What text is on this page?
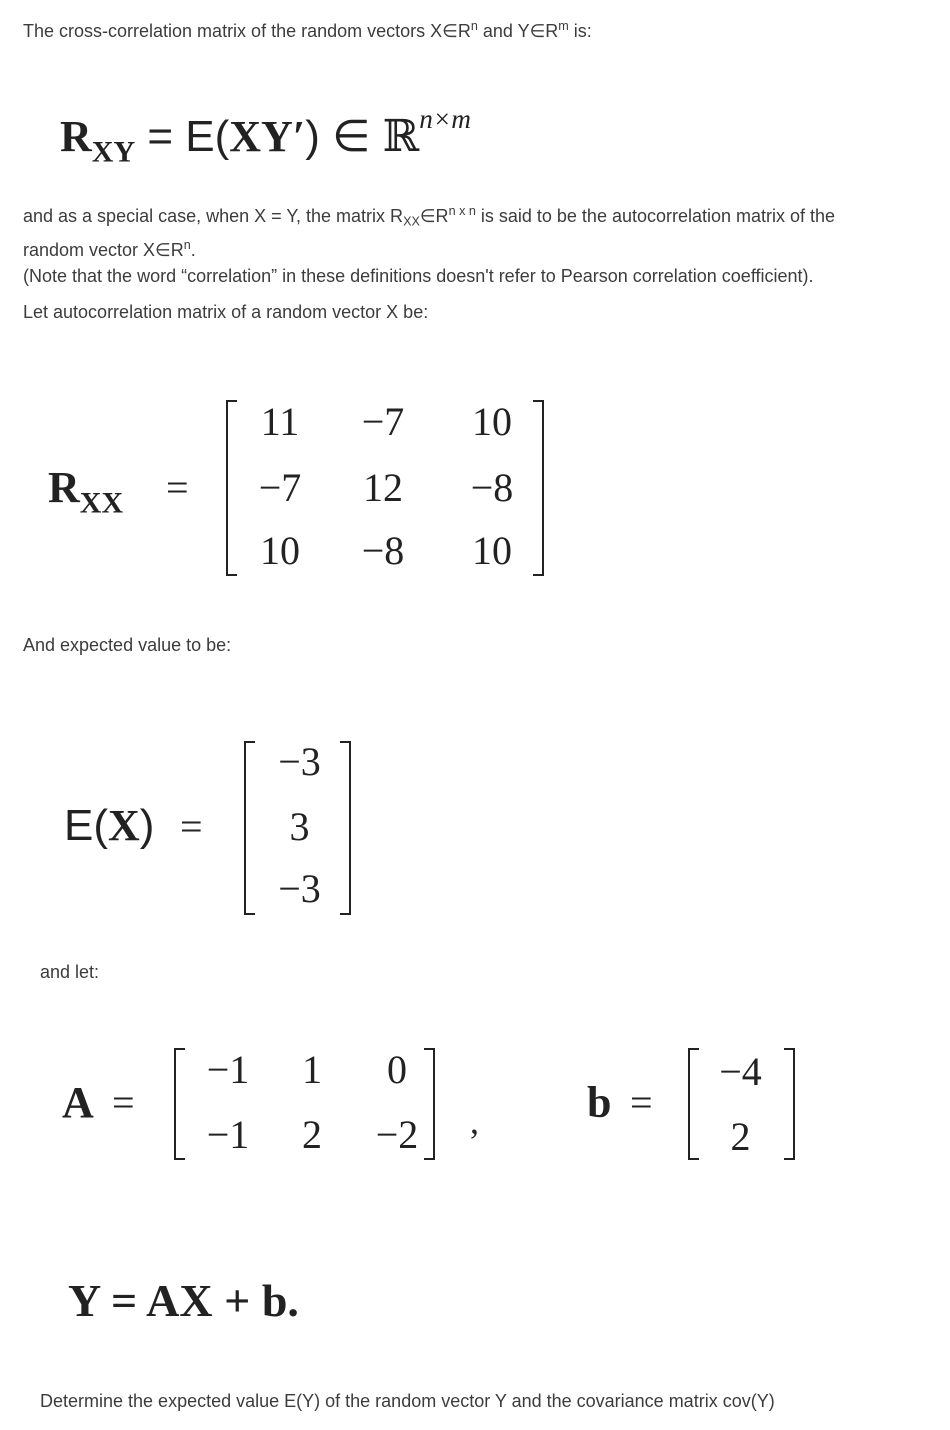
The cross-correlation matrix of the random vectors $X\in R^n$ and $Y\in R^m$ is:
$R_{XY} = E(XY')$ ∈ ℝ$^{n\times m}$
and as a special case, when X = Y, the matrix $R_{XX}\in R^{n x n}$ is said to be the autocorrelation matrix of the
random vector $X\in R^n$.
(Note that the word “correlation” in these definitions doesn't refer to Pearson correlation coefficient).
Let autocorrelation matrix of a random vector X be:
$R_{XX}$ =
11	−7	10
−7	12	−8
10	−8	10
And expected value to be:
E(X) =
−3
3
−3
and let:
A =
−1	1	0
−1	2	−2	, b =
−4
2
Y = AX + b.
Determine the expected value E(Y) of the random vector Y and the covariance matrix cov(Y)
